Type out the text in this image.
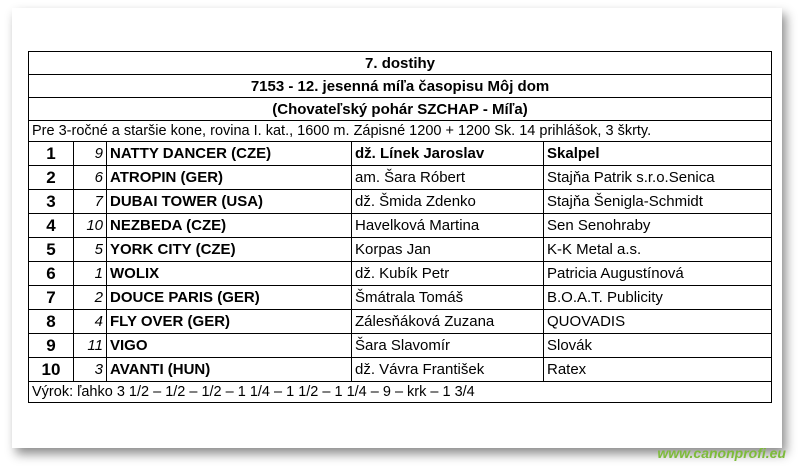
7. dostihy				
7153 - 12. jesenná míľa časopisu Môj dom				
(Chovateľský pohár SZCHAP - Míľa)				
Pre 3-ročné a staršie kone, rovina I. kat., 1600 m. Zápisné 1200 + 1200 Sk. 14 prihlášok, 3 škrty.				
1	9	NATTY DANCER (CZE)	dž. Línek Jaroslav	Skalpel
2	6	ATROPIN (GER)	am. Šara Róbert	Stajňa Patrik s.r.o.Senica
3	7	DUBAI TOWER (USA)	dž. Šmida Zdenko	Stajňa Šenigla-Schmidt
4	10	NEZBEDA (CZE)	Havelková Martina	Sen Senohraby
5	5	YORK CITY (CZE)	Korpas Jan	K-K Metal a.s.
6	1	WOLIX	dž. Kubík Petr	Patricia Augustínová
7	2	DOUCE PARIS (GER)	Šmátrala Tomáš	B.O.A.T. Publicity
8	4	FLY OVER (GER)	Zálesňáková Zuzana	QUOVADIS
9	11	VIGO	Šara Slavomír	Slovák
10	3	AVANTI (HUN)	dž. Vávra František	Ratex
Výrok: ľahko 3 1/2 – 1/2 – 1/2 – 1 1/4 – 1 1/2 – 1 1/4 – 9 – krk – 1 3/4				
www.canonprofi.eu
